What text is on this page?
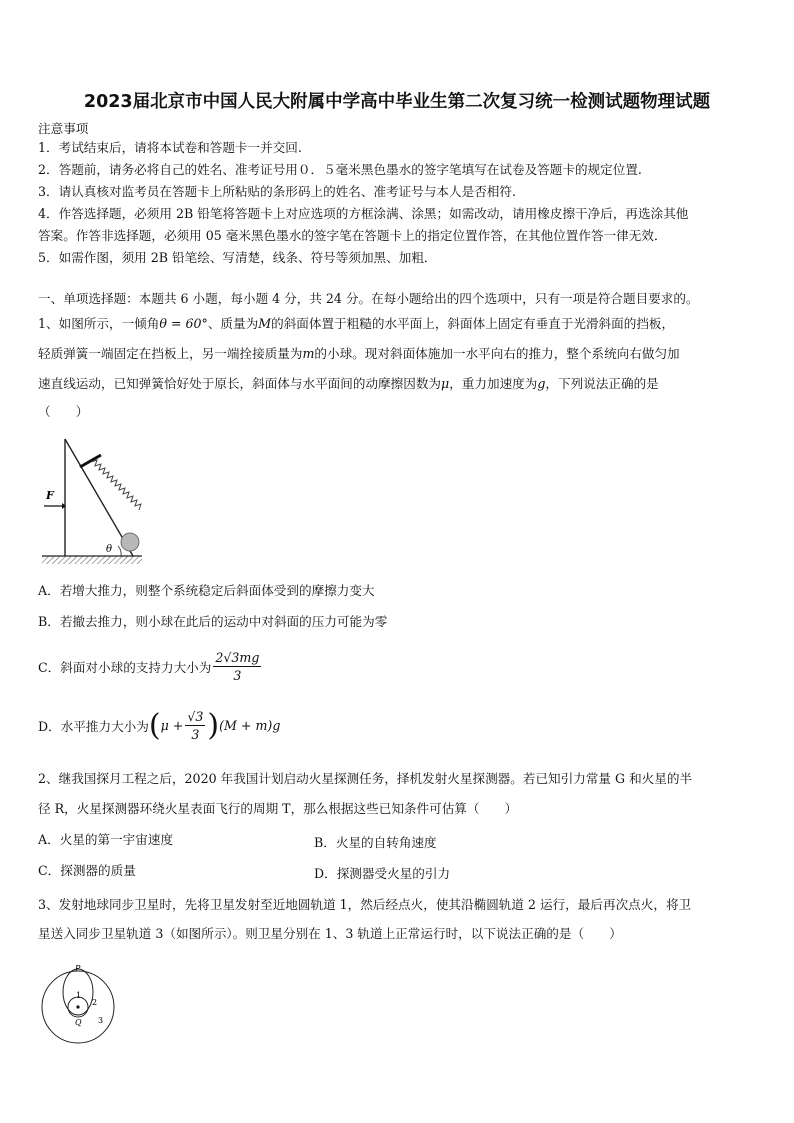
2023届北京市中国人民大附属中学高中毕业生第二次复习统一检测试题物理试题
注意事项
1．考试结束后，请将本试卷和答题卡一并交回.
2．答题前，请务必将自己的姓名、准考证号用０．５毫米黑色墨水的签字笔填写在试卷及答题卡的规定位置.
3．请认真核对监考员在答题卡上所粘贴的条形码上的姓名、准考证号与本人是否相符.
4．作答选择题，必须用 2B 铅笔将答题卡上对应选项的方框涂满、涂黑；如需改动，请用橡皮擦干净后，再选涂其他
答案。作答非选择题，必须用 05 毫米黑色墨水的签字笔在答题卡上的指定位置作答，在其他位置作答一律无效．
5．如需作图，须用 2B 铅笔绘、写清楚，线条、符号等须加黑、加粗．
一、单项选择题：本题共 6 小题，每小题 4 分，共 24 分。在每小题给出的四个选项中，只有一项是符合题目要求的。
1、如图所示，一倾角θ = 60°、质量为M的斜面体置于粗糙的水平面上，斜面体上固定有垂直于光滑斜面的挡板，
轻质弹簧一端固定在挡板上，另一端拴接质量为m的小球。现对斜面体施加一水平向右的推力，整个系统向右做匀加
速直线运动，已知弹簧恰好处于原长，斜面体与水平面间的动摩擦因数为μ，重力加速度为g，下列说法正确的是
（　　）
F
θ
A．若增大推力，则整个系统稳定后斜面体受到的摩擦力变大
B．若撤去推力，则小球在此后的运动中对斜面的压力可能为零
C．斜面对小球的支持力大小为 $\frac{2√3mg}{3}$
D．水平推力大小为$(\mu + \frac{√3}{3} )(M + m)g$
2、继我国探月工程之后，2020 年我国计划启动火星探测任务，择机发射火星探测器。若已知引力常量 G 和火星的半
径 R，火星探测器环绕火星表面飞行的周期 T，那么根据这些已知条件可估算（　　）
A．火星的第一宇宙速度	B．火星的自转角速度
C．探测器的质量	D．探测器受火星的引力
3、发射地球同步卫星时，先将卫星发射至近地圆轨道 1，然后经点火，使其沿椭圆轨道 2 运行，最后再次点火，将卫
星送入同步卫星轨道 3（如图所示）。则卫星分别在 1、3 轨道上正常运行时，以下说法正确的是（　　）
P
Q
1
2
3
